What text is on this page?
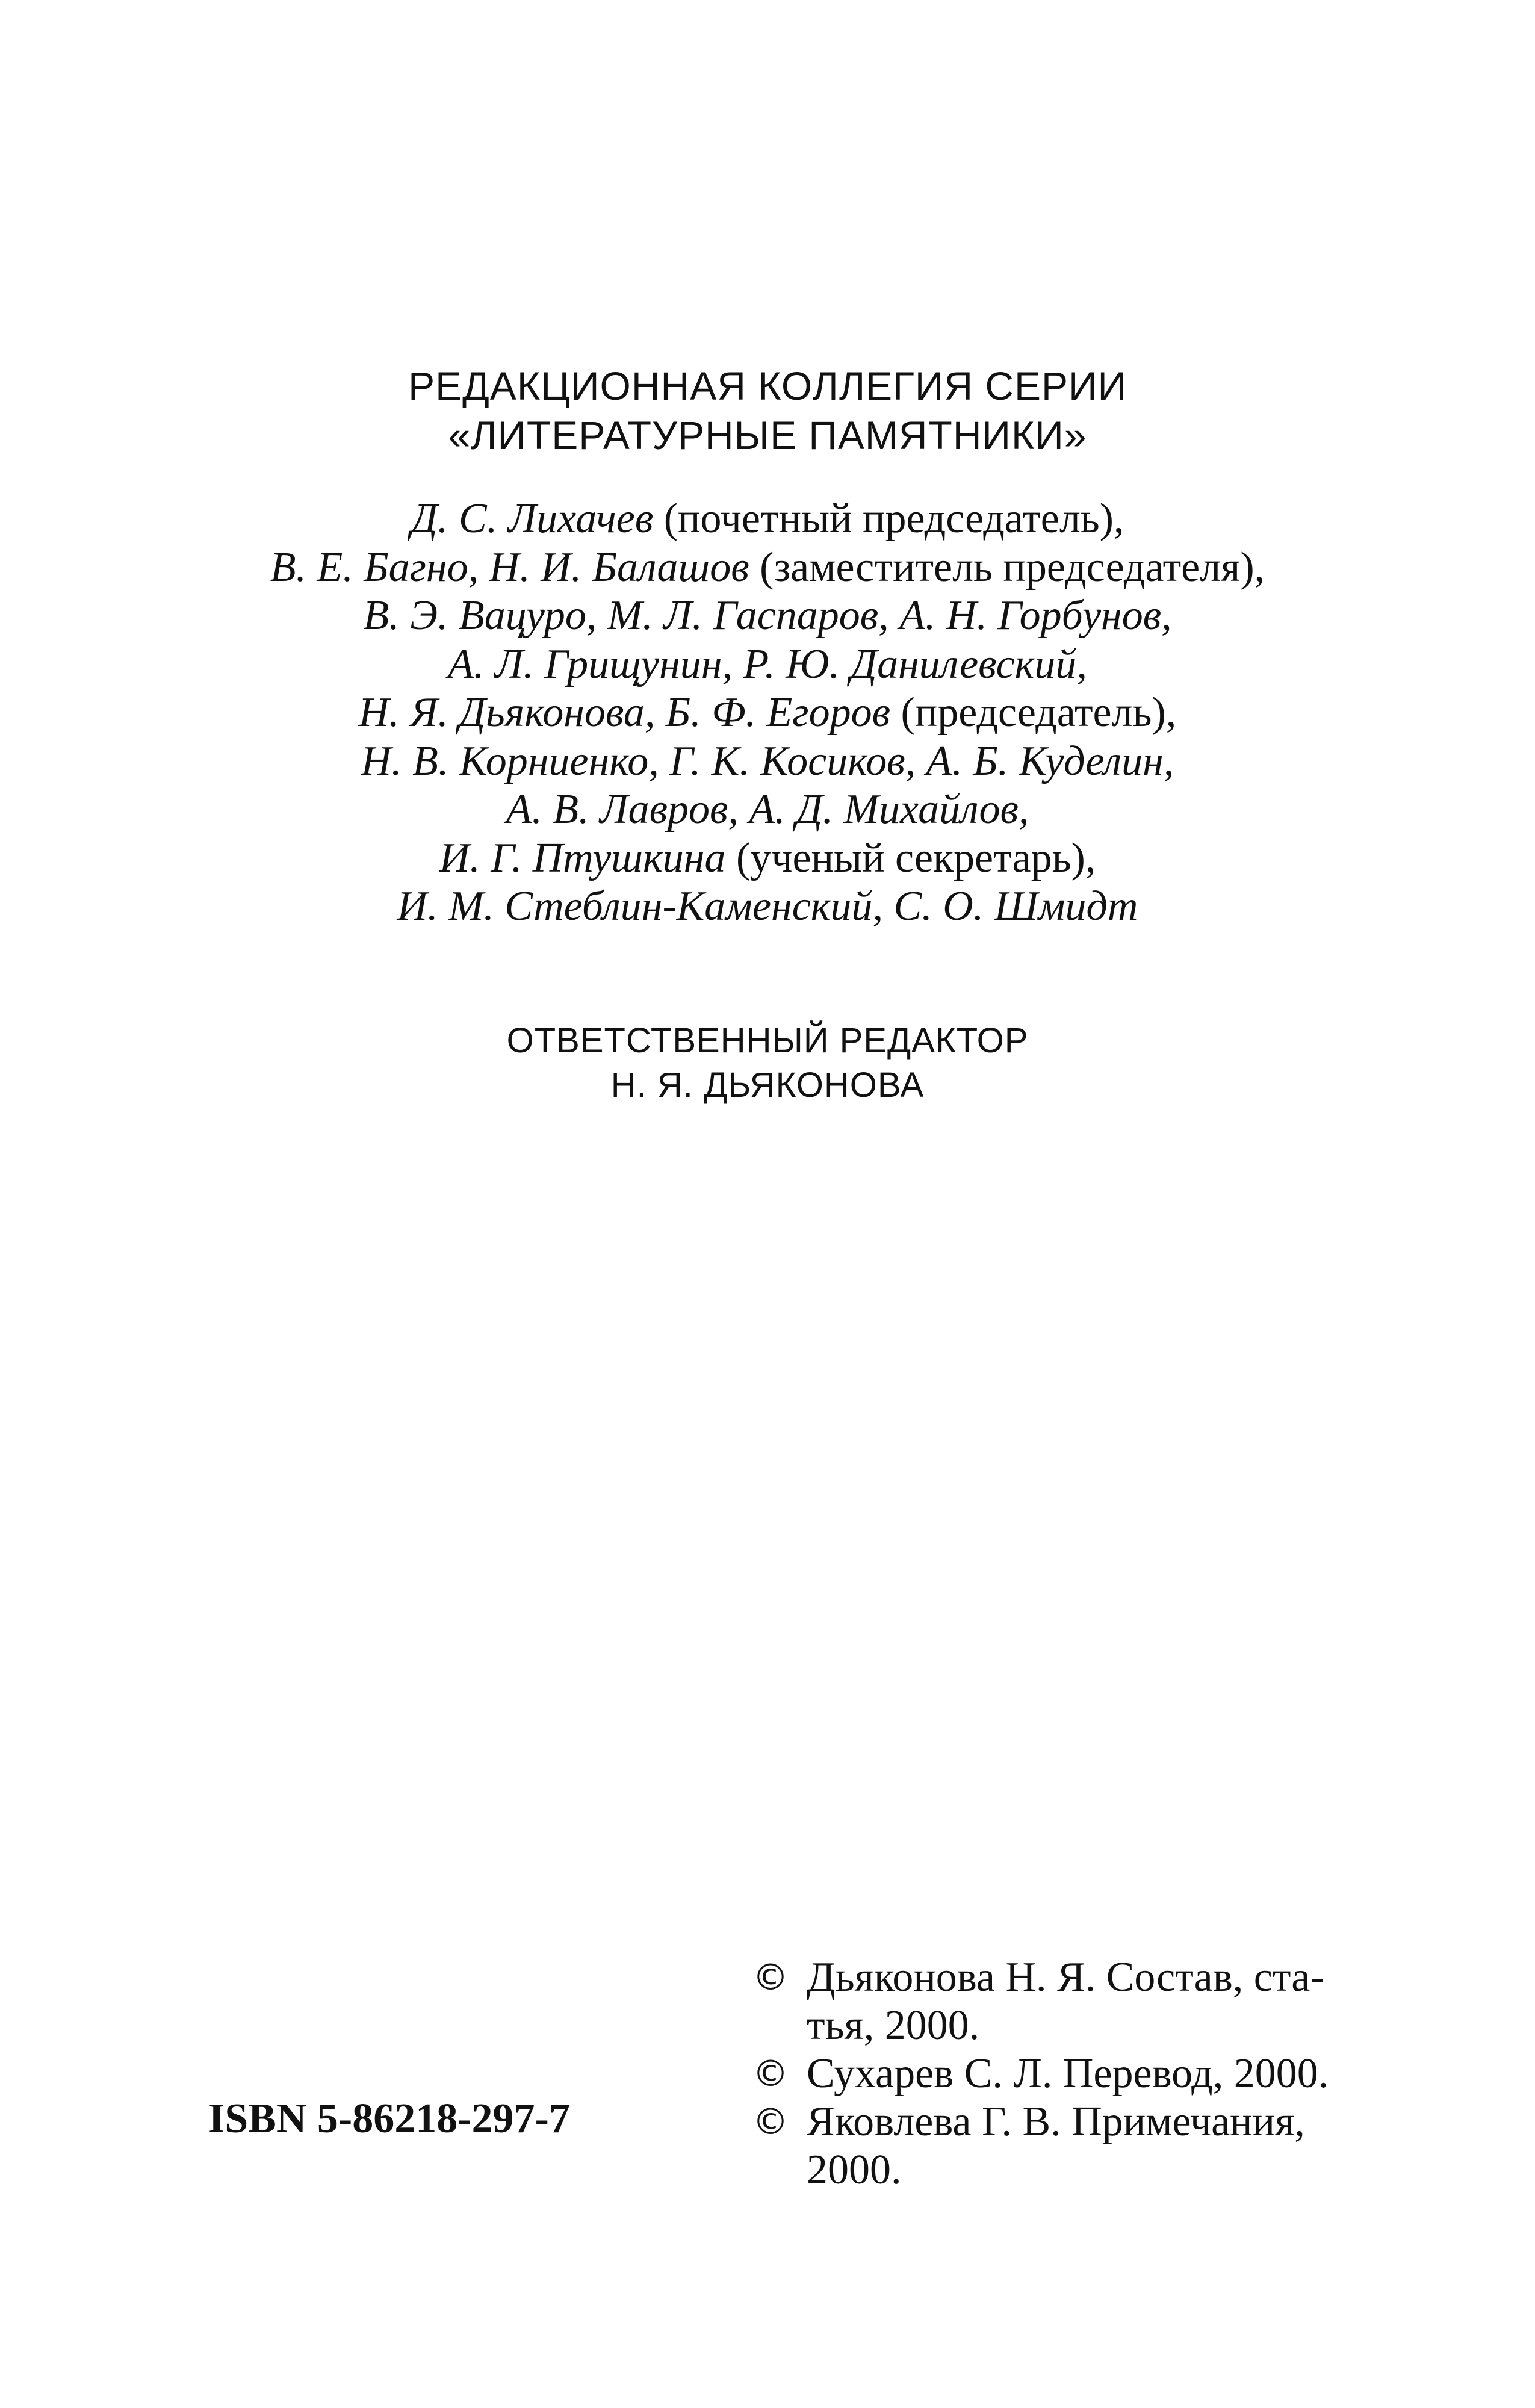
РЕДАКЦИОННАЯ КОЛЛЕГИЯ СЕРИИ
«ЛИТЕРАТУРНЫЕ ПАМЯТНИКИ»
Д. С. Лихачев (почетный председатель),
В. Е. Багно, Н. И. Балашов (заместитель председателя),
В. Э. Вацуро, М. Л. Гаспаров, А. Н. Горбунов,
А. Л. Грищунин, Р. Ю. Данилевский,
Н. Я. Дьяконова, Б. Ф. Егоров (председатель),
Н. В. Корниенко, Г. К. Косиков, А. Б. Куделин,
А. В. Лавров, А. Д. Михайлов,
И. Г. Птушкина (ученый секретарь),
И. М. Стеблин-Каменский, С. О. Шмидт
ОТВЕТСТВЕННЫЙ РЕДАКТОР
Н. Я. ДЬЯКОНОВА
© Дьяконова Н. Я. Состав, ста-
тья, 2000.
© Сухарев С. Л. Перевод, 2000.
© Яковлева Г. В. Примечания,
2000.
ISBN 5-86218-297-7
